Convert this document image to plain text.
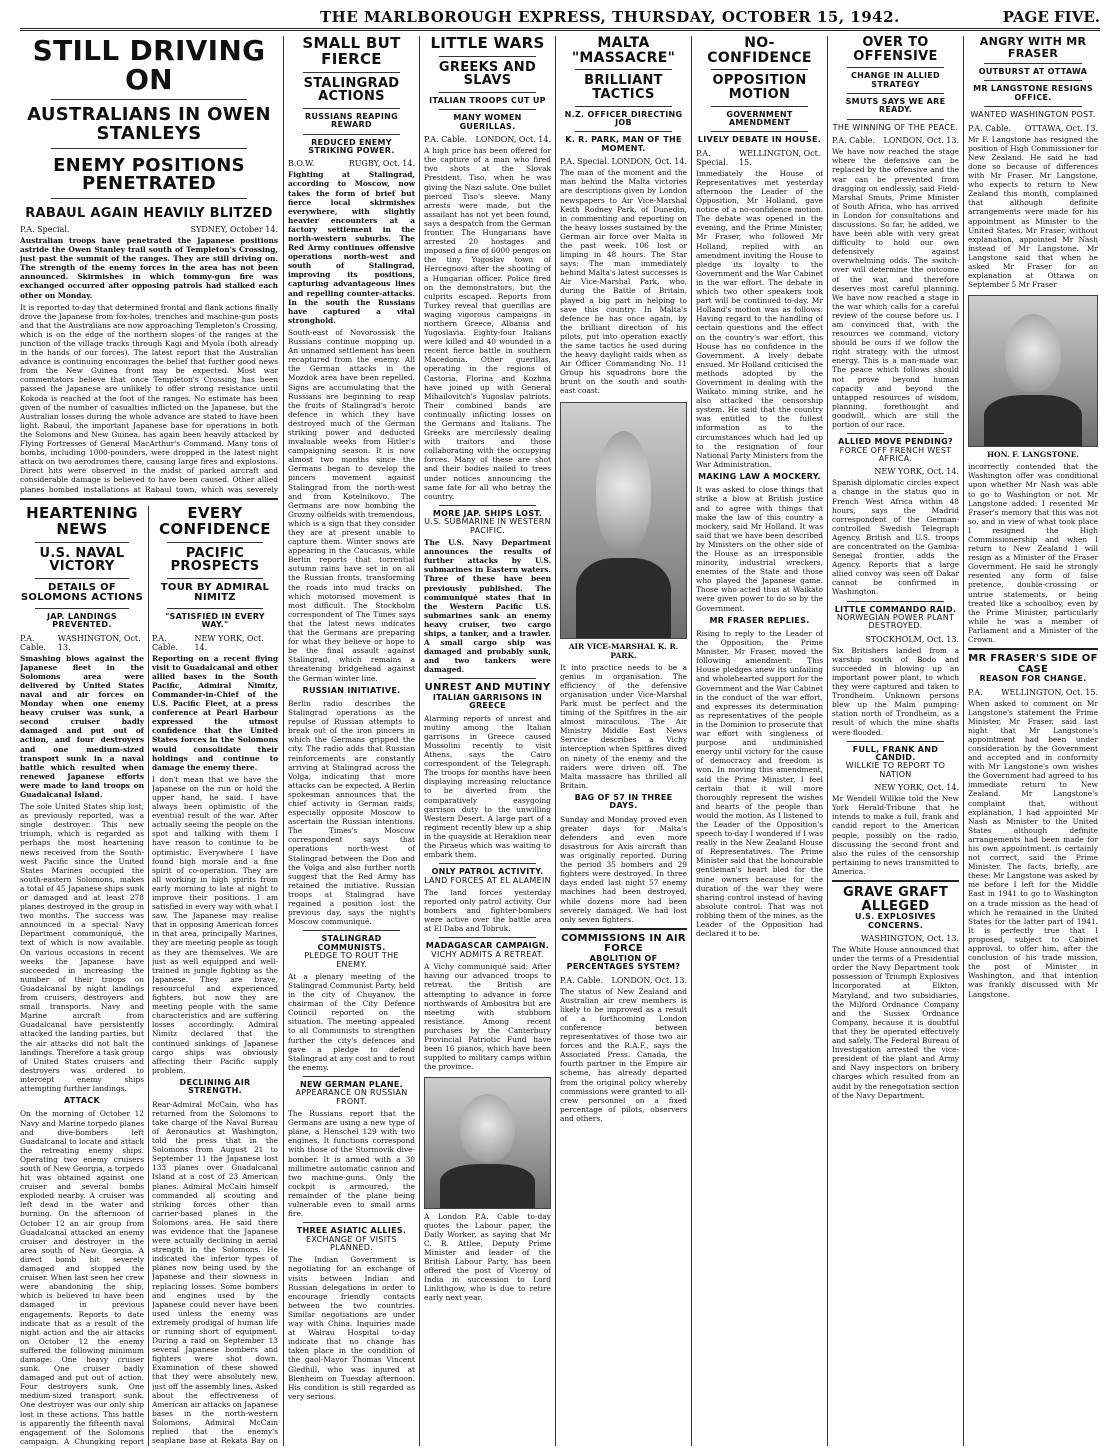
THE MARLBOROUGH EXPRESS, THURSDAY, OCTOBER 15, 1942.	PAGE FIVE.
STILL DRIVING ON
AUSTRALIANS IN OWEN STANLEYS
ENEMY POSITIONS PENETRATED
RABAUL AGAIN HEAVILY BLITZED
P.A. Special.	SYDNEY, October 14.
Australian troops have penetrated the Japanese positions astride the Owen Stanley trail south of Templeton's Crossing, just past the summit of the ranges. They are still driving on. The strength of the enemy forces in the area has not been announced. Skirmishes in which tommy-gun fire was exchanged occurred after opposing patrols had stalked each other on Monday.
It is reported to-day that determined frontal and flank actions finally drove the Japanese from fox-holes, trenches and machine-gun posts and that the Australians are now approaching Templeton's Crossing, which is on the edge of the northern slopes of the ranges at the junction of the village tracks through Kagi and Myola (both already in the hands of our forces). The latest report that the Australian advance is continuing encourages the belief that further good news from the New Guinea front may be expected. Most war commentators believe that once Templeton's Crossing has been passed the Japanese are unlikely to offer strong resistance until Kokoda is reached at the foot of the ranges. No estimate has been given of the number of casualties inflicted on the Japanese, but the Australian losses during the whole advance are stated to have been light. Rabaul, the important Japanese base for operations in both the Solomons and New Guinea, has again been heavily attacked by Flying Fortresses of General MacArthur's Command. Many tons of bombs, including 1000-pounders, were dropped in the latest night attack on two aerodromes there, causing large fires and explosions. Direct hits were observed in the midst of parked aircraft and considerable damage is believed to have been caused. Other allied planes bombed installations at Rabaul town, which was severely
HEARTENING NEWS
U.S. NAVAL VICTORY
DETAILS OF SOLOMONS ACTIONS
JAP. LANDINGS PREVENTED.
P.A. Cable.
WASHINGTON, Oct. 13.
Smashing blows against the Japanese fleet in the Solomons area were delivered by United States naval and air forces on Monday when one enemy heavy cruiser was sunk, a second cruiser badly damaged and put out of action, and four destroyers and one medium-sized transport sunk in a naval battle which resulted when renewed Japanese efforts were made to land troops on Guadalcanal Island.
The sole United States ship lost, as previously reported, was a single destroyer. This new triumph, which is regarded as perhaps the most heartening news received from the South-west Pacific since the United States Marines occupied the south-eastern Solomons, makes a total of 45 Japanese ships sunk or damaged and at least 278 planes destroyed in the group in two months. The success was announced in a special Navy Department communiqué, the text of which is now available. On various occasions in recent weeks the Japanese have succeeded in increasing the number of their troops on Guadalcanal by night landings from cruisers, destroyers and small transports. Navy and Marine aircraft from Guadalcanal have persistently attacked the landing parties, but the air attacks did not halt the landings. Therefore a task group of United States cruisers and destroyers was ordered to intercept enemy ships attempting further landings.
ATTACK
On the morning of October 12 Navy and Marine torpedo planes and dive-bombers left Guadalcanal to locate and attack the retreating enemy ships. Operating two enemy cruisers south of New Georgia, a torpedo hit was obtained against one cruiser and several bombs exploded nearby. A cruiser was left dead in the water and burning. On the afternoon of October 12 an air group from Guadalcanal attacked an enemy cruiser and destroyer in the area south of New Georgia. A direct bomb hit severely damaged and stopped the cruiser. When last seen her crew were abandoning the ship, which is believed to have been damaged in previous engagements. Reports to date indicate that as a result of the night action and the air attacks on October 12 the enemy suffered the following minimum damage: One heavy cruiser sunk. One cruiser badly damaged and put out of action. Four destroyers sunk. One medium-sized transport sunk. One destroyer was our only ship lost in these actions. This battle is apparently the fifteenth naval engagement of the Solomons campaign. A Chungking report
EVERY CONFIDENCE
PACIFIC PROSPECTS
TOUR BY ADMIRAL NIMITZ
"SATISFIED IN EVERY WAY."
P.A. Cable.
NEW YORK, Oct. 14.
Reporting on a recent flying visit to Guadalcanal and other allied bases in the South Pacific, Admiral Nimitz, Commander-in-Chief of the U.S. Pacific Fleet, at a press conference at Pearl Harbour expressed the utmost confidence that the United States forces in the Solomons would consolidate their holdings and continue to damage the enemy there.
I don't mean that we have the Japanese on the run or hold the upper hand, he said. I have always been optimistic of the eventual result of the war. After actually seeing the people on the spot and talking with them I have reason to continue to be optimistic. Everywhere I have found high morale and a fine spirit of co-operation. They are all working in high spirits from early morning to late at night to improve their positions. I am satisfied in every way with what I saw. The Japanese may realise that in opposing American forces in that area, principally Marines, they are meeting people as tough as they are themselves. We are just as well equipped and well-trained in jungle fighting as the Japanese. They are brave, resourceful and experienced fighters, but now they are meeting people with the same characteristics and are suffering losses accordingly. Admiral Nimitz declared that the continued sinkings of Japanese cargo ships was obviously affecting their Pacific supply problem.
DECLINING AIR STRENGTH.
Rear-Admiral McCain, who has returned from the Solomons to take charge of the Naval Bureau of Aeronautics at Washington, told the press that in the Solomons from August 21 to September 11 the Japanese lost 133 planes over Guadalcanal Island at a cost of 23 American planes. Admiral McCain himself commanded all scouting and striking forces other than carrier-based planes in the Solomons area. He said there was evidence that the Japanese were actually declining in aerial strength in the Solomons. He indicated the inferior types of planes now being used by the Japanese and their slowness in replacing losses. Some bombers and engines used by the Japanese could never have been used unless the enemy was extremely prodigal of human life or running short of equipment. During a raid on September 13 several Japanese bombers and fighters were shot down. Examination of these showed that they were absolutely new, just off the assembly lines. Asked about the effectiveness of American air attacks on Japanese bases in the north-western Solomons, Admiral McCain replied that the enemy's seaplane base at Rekata Bay on
SMALL BUT FIERCE
STALINGRAD ACTIONS
RUSSIANS REAPING REWARD
REDUCED ENEMY STRIKING POWER.
B.O.W.	RUGBY, Oct. 14.
Fighting at Stalingrad, according to Moscow, now takes the form of brief but fierce local skirmishes everywhere, with slightly heavier encounters at a factory settlement in the north-western suburbs. The Red Army continues offensive operations north-west and south of Stalingrad, improving its positions, capturing advantageous lines and repelling counter-attacks. In the south the Russians have captured a vital stronghold.
South-east of Novorossisk the Russians continue mopping up. An unnamed settlement has been recaptured from the enemy. All the German attacks in the Mozdok area have been repelled. Signs are accumulating that the Russians are beginning to reap the fruits of Stalingrad's heroic defence in which they have destroyed much of the German striking power and deducted invaluable weeks from Hitler's campaigning season. It is now almost two months since the Germans began to develop the pincers movement against Stalingrad from the north-west and from Kotelnikovo. The Germans are now bombing the Grozny oilfields with tremendous, which is a sign that they consider they are at present unable to capture them. Winter snows are appearing in the Caucasus, while Berlin reports that torrential autumn rains have set in on all the Russian fronts, transforming the roads into mud tracks on which motorised movement is most difficult. The Stockholm correspondent of The Times says that the latest news indicates that the Germans are preparing for what they believe or hope to be the final assault against Stalingrad, which remains a threatening bridgehead against the German winter line.
RUSSIAN INITIATIVE.
Berlin radio describes the Stalingrad operations as the repulse of Russian attempts to break out of the iron pincers in which the Germans gripped the city. The radio adds that Russian reinforcements are constantly arriving at Stalingrad across the Volga, indicating that more attacks can be expected. A Berlin spokesman announces that the chief activity in German raids, especially opposite Moscow to ascertain the Russian intentions. The Times's Moscow correspondent says that operations north-west of Stalingrad between the Don and the Volga and also further north suggest that the Red Army has retained the initiative. Russian troops at Stalingrad have regained a position lost the previous day, says the night's Moscow communiqué.
STALINGRAD COMMUNISTS.
PLEDGE TO ROUT THE ENEMY.
At a plenary meeting of the Stalingrad Communist Party, held in the city of Chuyanov, the chairman of the City Defence Council reported on the situation. The meeting appealed to all Communists to strengthen further the city's defences and gave a pledge to defend Stalingrad at any cost and to rout the enemy.
NEW GERMAN PLANE.
APPEARANCE ON RUSSIAN FRONT.
The Russians report that the Germans are using a new type of plane, a Henschel 129 with two engines. It functions correspond with those of the Stormovik dive-bomber. It is armed with a 30 millimetre automatic cannon and two machine-guns. Only the cockpit is armoured, the remainder of the plane being vulnerable even to small arms fire.
THREE ASIATIC ALLIES.
EXCHANGE OF VISITS PLANNED.
The Indian Government is negotiating for an exchange of visits between Indian and Russian delegations in order to encourage friendly contacts between the two countries. Similar negotiations are under way with China. Inquiries made at Walrau Hospital to-day indicate that no change has taken place in the condition of the gaol-Mayor Thomas Vincent Gledhill, who was injured at Blenheim on Tuesday afternoon. His condition is still regarded as very serious.
LITTLE WARS
GREEKS AND SLAVS
ITALIAN TROOPS CUT UP
MANY WOMEN GUERILLAS.
P.A. Cable. LONDON, Oct. 14.
A high price has been offered for the capture of a man who fired two shots at the Slovak President, Tiso, when he was giving the Nazi salute. One bullet pierced Tiso's sleeve. Many arrests were made, but the assailant has not yet been found, says a despatch from the German frontier. The Hungarians have arrested 20 hostages and imposed a fine of 6000 pengos on the tiny Yugoslav town of Hercegnovi after the shooting of a Hungarian officer. Police fired on the demonstrators, but the culprits escaped. Reports from Turkey reveal that guerillas are waging vigorous campaigns in northern Greece, Albania and Yugoslavia. Eighty-four Italians were killed and 40 wounded in a recent fierce battle in southern Macedonia. Other guerillas, operating in the regions of Castoria, Florina and Kozhna have joined up with General Mihailovitch's Yugoslav patriots. Their combined bands are continually inflicting losses on the Germans and Italians. The Greeks are mercilessly dealing with traitors and those collaborating with the occupying forces. Many of these are shot and their bodies nailed to trees under notices announcing the same fate for all who betray the country.
MORE JAP. SHIPS LOST.
U.S. SUBMARINE IN WESTERN PACIFIC.
The U.S. Navy Department announces the results of further attacks by U.S. submarines in Eastern waters. Three of these have been previously published. The communiqué states that in the Western Pacific U.S. submarines sank an enemy heavy cruiser, two cargo ships, a tanker, and a trawler. A small cargo ship was damaged and probably sunk, and two tankers were damaged.
UNREST AND MUTINY
ITALIAN GARRISONS IN GREECE
Alarming reports of unrest and mutiny among the Italian garrisons in Greece caused Mussolini recently to visit Athens, says the Cairo correspondent of the Telegraph. The troops for months have been displaying increasing reluctance to be diverted from the comparatively easygoing garrison duty to the unwilling Western Desert. A large part of a regiment recently blew up a ship in the quayside at Heraklion near the Piraeus which was waiting to embark them.
ONLY PATROL ACTIVITY.
LAND FORCES AT EL ALAMEIN
The land forces yesterday reported only patrol activity. Our bombers and fighter-bombers were active over the battle area at El Daba and Tobruk.
MADAGASCAR CAMPAIGN.
VICHY ADMITS A RETREAT.
A Vichy communiqué said: After having our advanced troops to retreat, the British are attempting to advance in force northwards of Ambositra but are meeting with stubborn resistance. Among recent purchases by the Canterbury Provincial Patriotic Fund have been 16 pianos, which have been supplied to military camps within the province.
A London P.A. Cable to-day quotes the Labour paper, the Daily Worker, as saying that Mr C. R. Attlee, Deputy Prime Minister and leader of the British Labour Party, has been offered the post of Viceroy of India in succession to Lord Linlithgow, who is due to retire early next year.
MALTA "MASSACRE"
BRILLIANT TACTICS
N.Z. OFFICER DIRECTING JOB
K. R. PARK, MAN OF THE MOMENT.
P.A. Special. LONDON, Oct. 14.
The man of the moment and the man behind the Malta victories are descriptions given by London newspapers to Air Vice-Marshal Keith Rodney Park, of Dunedin, in commenting and reporting on the heavy losses sustained by the German air force over Malta in the past week. 106 lost or limping in 48 hours. The Star says: The man immediately behind Malta's latest successes is Air Vice-Marshal Park, who, during the Battle of Britain, played a big part in helping to save this country. In Malta's defence he has once again, by the brilliant direction of his pilots, put into operation exactly the same tactics he used during the heavy daylight raids when as Air Officer Commanding No. 11 Group his squadrons bore the brunt on the south and south-east coast.
AIR VICE-MARSHAL K. R. PARK.
It into practice needs to be a genius in organisation. The efficiency of the defensive organisation under Vice-Marshal Park must be perfect and the timing of the Spitfires in the air almost miraculous. The Air Ministry Middle East News Service describes a Vichy interception when Spitfires dived on ninety of the enemy and the raiders were driven off. The Malta massacre has thrilled all Britain.
BAG OF 57 IN THREE DAYS.
Sunday and Monday proved even greater days for Malta's defenders and even more disastrous for Axis aircraft than was originally reported. During the period 35 bombers and 29 fighters were destroyed. In three days ended last night 57 enemy machines had been destroyed, while dozens more had been severely damaged. We had lost only seven fighters.
COMMISSIONS IN AIR FORCE
ABOLITION OF PERCENTAGES SYSTEM?
P.A. Cable. LONDON, Oct. 13.
The status of New Zealand and Australian air crew members is likely to be improved as a result of a forthcoming London conference between representatives of those two air forces and the R.A.F., says the Associated Press. Canada, the fourth partner in the Empire air scheme, has already departed from the original policy whereby commissions were granted to all-crew personnel on a fixed percentage of pilots, observers and others.
NO-CONFIDENCE
OPPOSITION MOTION
GOVERNMENT AMENDMENT
LIVELY DEBATE IN HOUSE.
P.A. Special.
WELLINGTON, Oct. 15.
Immediately the House of Representatives met yesterday afternoon the Leader of the Opposition, Mr Holland, gave notice of a no-confidence motion. The debate was opened in the evening, and the Prime Minister, Mr Fraser, who followed Mr Holland, replied with an amendment inviting the House to pledge its loyalty to the Government and the War Cabinet in the war effort. The debate in which two other speakers took part will be continued to-day. Mr Holland's motion was as follows: Having regard to the handling of certain questions and the effect on the country's war effort, this House has no confidence in the Government. A lively debate ensued. Mr Holland criticised the methods adopted by the Government in dealing with the Waikato mining strike, and he also attacked the censorship system. He said that the country was entitled to the fullest information as to the circumstances which had led up to the resignation of four National Party Ministers from the War Administration.
MAKING LAW A MOCKERY.
It was asked to close things that strike a blow at British justice and to agree with things that make the law of this country a mockery, said Mr Holland. It was said that we have been described by Ministers on the other side of the House as an irresponsible minority, industrial wreckers, enemies of the State and those who played the Japanese game. Those who acted thus at Waikato were given power to do so by the Government.
MR FRASER REPLIES.
Rising to reply to the Leader of the Opposition, the Prime Minister, Mr Fraser, moved the following amendment: This House pledges anew its unfailing and wholehearted support for the Government and the War Cabinet in the conduct of the war effort, and expresses its determination as representatives of the people in the Dominion to prosecute that war effort with singleness of purpose and undiminished energy until victory for the cause of democracy and freedom is won. In moving this amendment, said the Prime Minister, I feel certain that it will more thoroughly represent the wishes and hearts of the people than would the motion. As I listened to the Leader of the Opposition's speech to-day I wondered if I was really in the New Zealand House of Representatives. The Prime Minister said that the honourable gentleman's heart bled for the mine owners because for the duration of the war they were sharing control instead of having absolute control. That was not robbing them of the mines, as the Leader of the Opposition had declared it to be.
OVER TO OFFENSIVE
CHANGE IN ALLIED STRATEGY
SMUTS SAYS WE ARE READY.
THE WINNING OF THE PEACE.
P.A. Cable. LONDON, Oct. 13.
We have now reached the stage where the defensive can be replaced by the offensive and the war can be prevented from dragging on endlessly, said Field-Marshal Smuts, Prime Minister of South Africa, who has arrived in London for consultations and discussions. So far, he added, we have been able with very great difficulty to hold our own defensively against overwhelming odds. The switch-over will determine the outcome of the war, and therefore deserves most careful planning. We have now reached a stage in the war which calls for a careful review of the course before us. I am convinced that, with the resources we command, victory should be ours if we follow the right strategy with the utmost energy. This is a man-made war. The peace which follows should not prove beyond human capacity and beyond the untapped resources of wisdom, planning, forethought and goodwill, which are still the portion of our race.
ALLIED MOVE PENDING?
FORCE OFF FRENCH WEST AFRICA.
NEW YORK, Oct. 14.
Spanish diplomatic circles expect a change in the status quo in French West Africa within 48 hours, says the Madrid correspondent of the German-controlled Swedish Telegraph Agency. British and U.S. troops are concentrated on the Gambia-Senegal frontier, adds the Agency. Reports that a large allied convoy was seen off Dakar cannot be confirmed in Washington.
LITTLE COMMANDO RAID.
NORWEGIAN POWER PLANT DESTROYED.
STOCKHOLM, Oct. 13.
Six Britishers landed from a warship south of Bodo and succeeded in blowing up an important power plant, to which they were captured and taken to Trondheim. Unknown persons blew up the Malm pumping-station north of Trondheim, as a result of which the mine shafts were flooded.
FULL, FRANK AND CANDID.
WILLKIE TO REPORT TO NATION
NEW YORK, Oct. 14.
Mr Wendell Willkie told the New York Herald-Tribune that he intends to make a full, frank and candid report to the American people, possibly on the radio, discussing the second front and also the rules of the censorship pertaining to news transmitted to America.
GRAVE GRAFT ALLEGED
U.S. EXPLOSIVES CONCERNS.
WASHINGTON, Oct. 13.
The White House announced that under the terms of a Presidential order the Navy Department took possession of Triumph Explosives Incorporated at Elkton, Maryland, and two subsidiaries, the Milford Ordnance Company and the Sussex Ordnance Company, because it is doubtful that they be operated effectively and safely. The Federal Bureau of Investigation arrested the vice-president of the plant and Army and Navy inspectors on bribery charges which resulted from an audit by the renegotiation section of the Navy Department.
ANGRY WITH MR FRASER
OUTBURST AT OTTAWA
MR LANGSTONE RESIGNS OFFICE.
WANTED WASHINGTON POST.
P.A. Cable. OTTAWA, Oct. 13.
Mr F. Langstone has resigned the position of High Commissioner for New Zealand. He said he had done so because of differences with Mr Fraser. Mr Langstone, who expects to return to New Zealand this month, complained that although definite arrangements were made for his appointment as Minister to the United States, Mr Fraser, without explanation, appointed Mr Nash instead of Mr Langstone. Mr Langstone said that when he asked Mr Fraser for an explanation at Ottawa on September 5 Mr Fraser
HON. F. LANGSTONE.
incorrectly contended that the Washington offer was conditional upon whether Mr Nash was able to go to Washington or not. Mr Langstone added: I resented Mr Fraser's memory that this was not so, and in view of what took place I resigned the High Commissionership and when I return to New Zealand I will resign as a Minister of the Fraser Government. He said he strongly resented any form of false pretence, double-crossing or untrue statements, or being treated like a schoolboy, even by the Prime Minister, particularly while he was a member of Parliament and a Minister of the Crown.
MR FRASER'S SIDE OF CASE
REASON FOR CHANGE.
P.A. WELLINGTON, Oct. 15.
When asked to comment on Mr Langstone's statement the Prime Minister, Mr Fraser, said last night that Mr Langstone's appointment had been under consideration by the Government and accepted and in conformity with Mr Langstone's own wishes the Government had agreed to his immediate return to New Zealand. Mr Langstone's complaint that, without explanation, I had appointed Mr Nash as Minister to the United States although definite arrangements had been made for his own appointment, is certainly not correct, said the Prime Minister. The facts, briefly, are these: Mr Langstone was asked by me before I left for the Middle East in 1941 to go to Washington on a trade mission as the head of which he remained in the United States for the latter part of 1941. It is perfectly true that I proposed, subject to Cabinet approval, to offer him, after the conclusion of his trade mission, the post of Minister in Washington, and that intention was frankly discussed with Mr Langstone.
